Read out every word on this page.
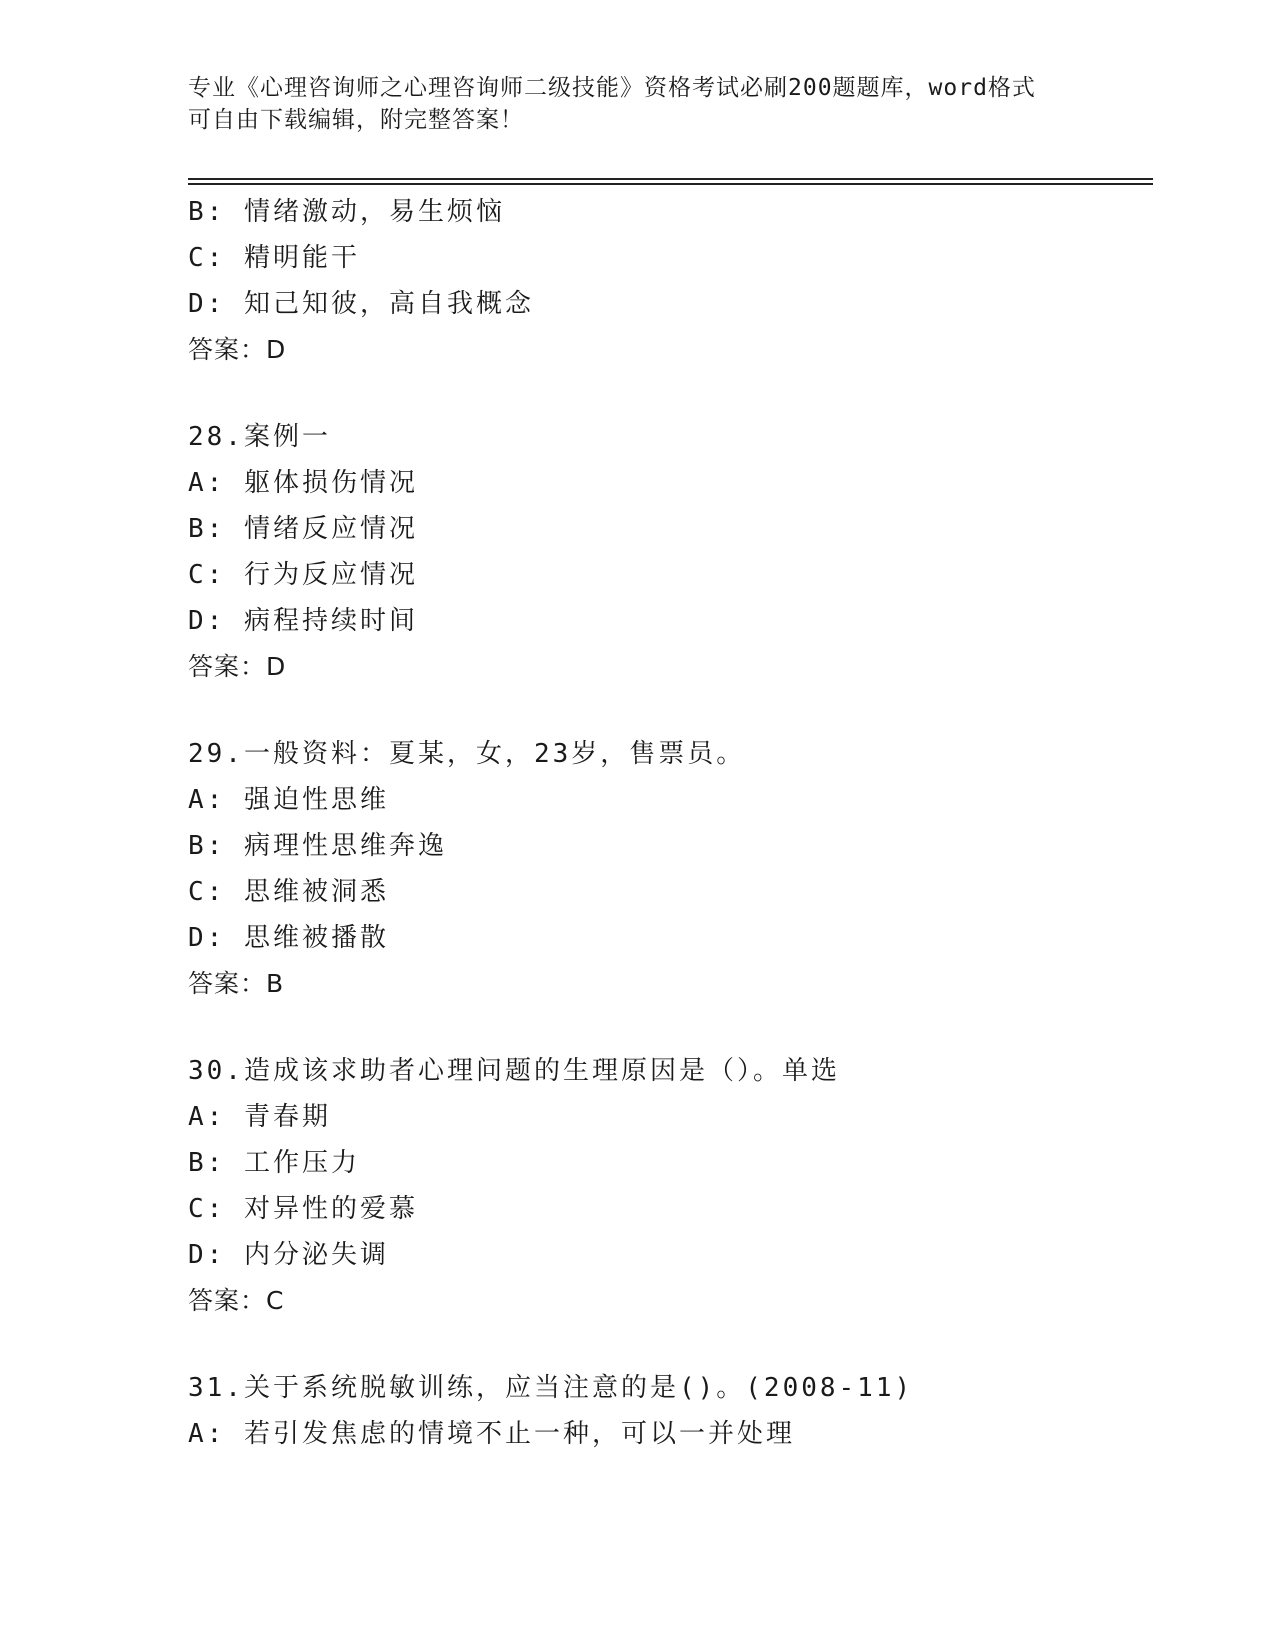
专业《心理咨询师之心理咨询师二级技能》资格考试必刷200题题库，word格式
可自由下载编辑，附完整答案！
B: 情绪激动，易生烦恼
C: 精明能干
D: 知己知彼，高自我概念
答案：D
28.案例一
A: 躯体损伤情况
B: 情绪反应情况
C: 行为反应情况
D: 病程持续时间
答案：D
29.一般资料：夏某，女，23岁，售票员。
A: 强迫性思维
B: 病理性思维奔逸
C: 思维被洞悉
D: 思维被播散
答案：B
30.造成该求助者心理问题的生理原因是（）。单选
A: 青春期
B: 工作压力
C: 对异性的爱慕
D: 内分泌失调
答案：C
31.关于系统脱敏训练，应当注意的是()。(2008-11)
A: 若引发焦虑的情境不止一种，可以一并处理
